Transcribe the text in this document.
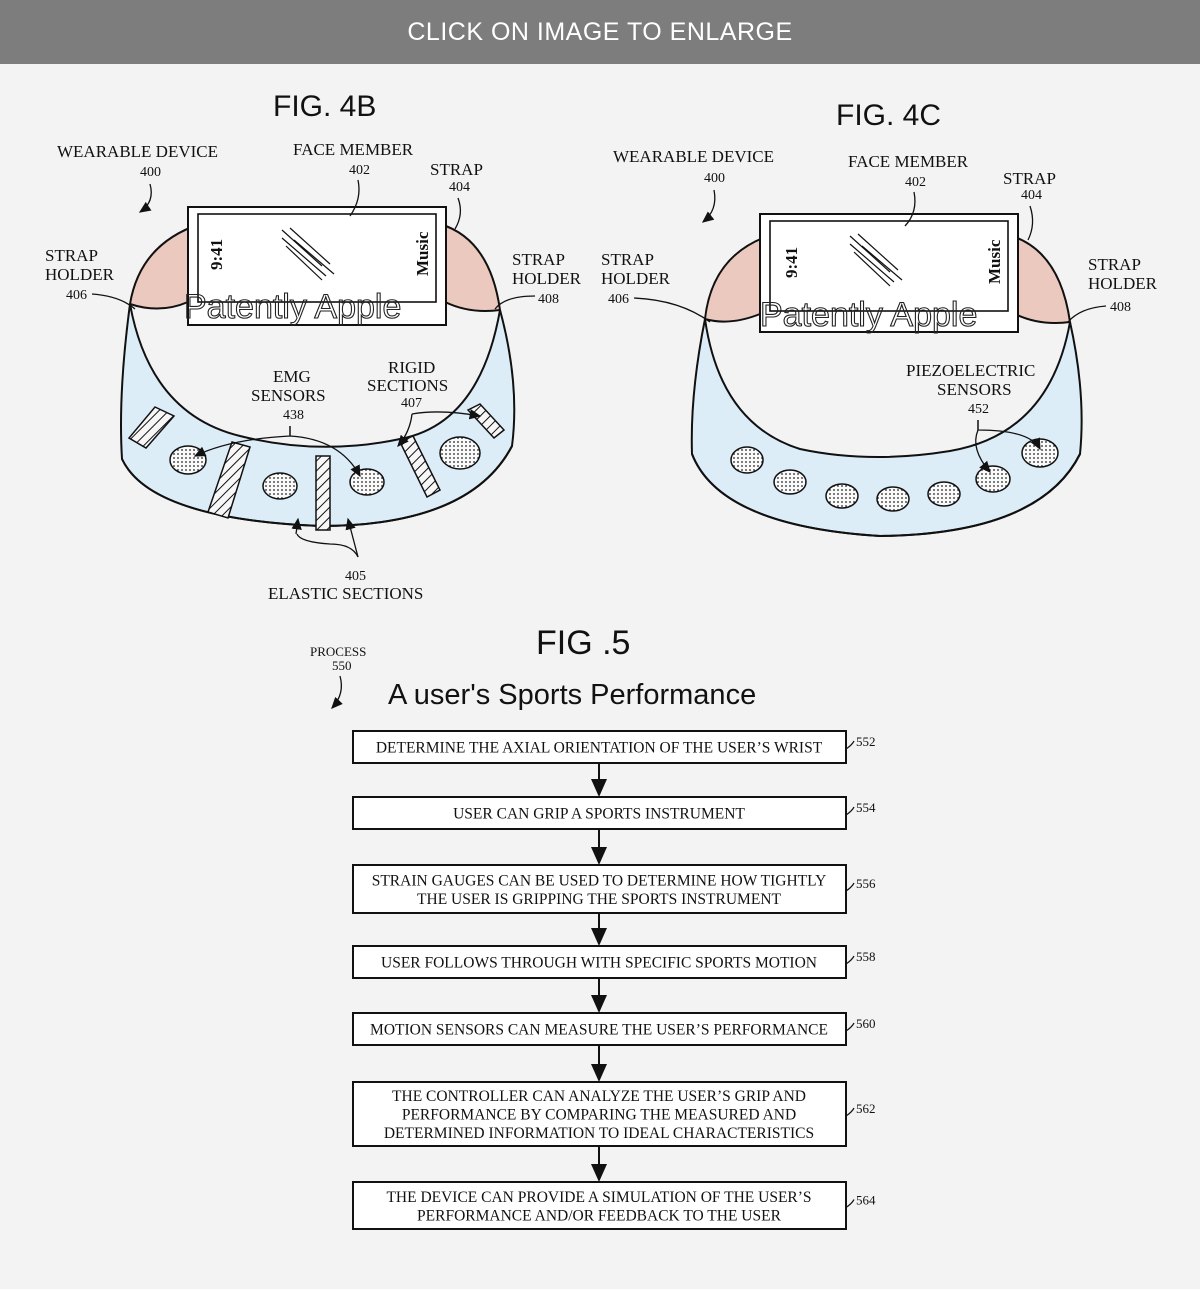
CLICK ON IMAGE TO ENLARGE
FIG. 4B
9:41	Music
Patently Apple
WEARABLE DEVICE
400
FACE MEMBER
402	STRAP
404
STRAP
HOLDER
406
STRAP
HOLDER
408
EMG
SENSORS
438
RIGID
SECTIONS
407
405
ELASTIC SECTIONS
FIG. 4C
9:41	Music
Patently Apple
WEARABLE DEVICE
400
FACE MEMBER
402	STRAP
404
STRAP
HOLDER
406
STRAP
HOLDER
408
PIEZOELECTRIC
SENSORS
452
FIG .5
PROCESS
550
A user's Sports Performance
DETERMINE THE AXIAL ORIENTATION OF THE USER’S WRIST	552
USER CAN GRIP A SPORTS INSTRUMENT	554
STRAIN GAUGES CAN BE USED TO DETERMINE HOW TIGHTLY
THE USER IS GRIPPING THE SPORTS INSTRUMENT
556
USER FOLLOWS THROUGH WITH SPECIFIC SPORTS MOTION	558
MOTION SENSORS CAN MEASURE THE USER’S PERFORMANCE 560
THE CONTROLLER CAN ANALYZE THE USER’S GRIP AND
PERFORMANCE BY COMPARING THE MEASURED AND
DETERMINED INFORMATION TO IDEAL CHARACTERISTICS
562
THE DEVICE CAN PROVIDE A SIMULATION OF THE USER’S
PERFORMANCE AND/OR FEEDBACK TO THE USER
564
